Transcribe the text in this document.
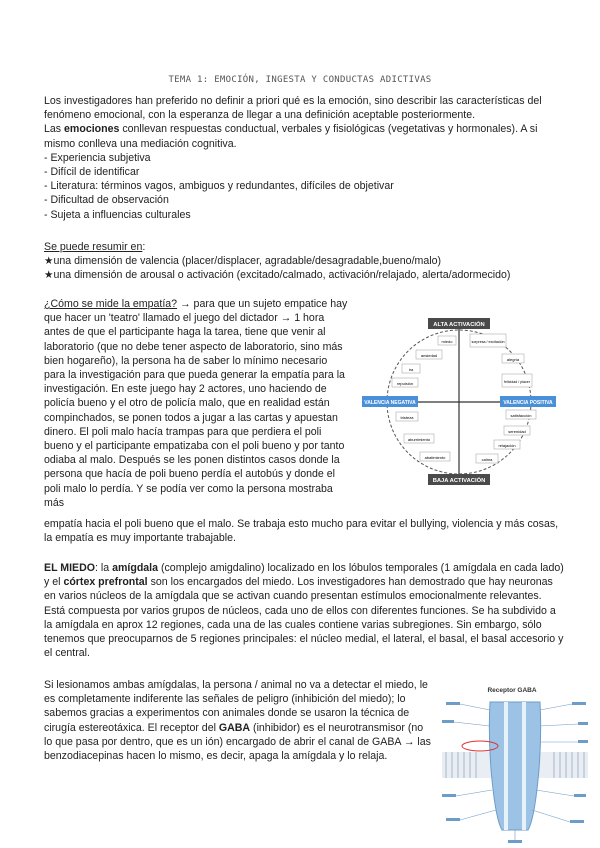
TEMA 1: EMOCIÓN, INGESTA Y CONDUCTAS ADICTIVAS
Los investigadores han preferido no definir a priori qué es la emoción, sino describir las características del fenómeno emocional, con la esperanza de llegar a una definición aceptable posteriormente.
Las emociones conllevan respuestas conductual, verbales y fisiológicas (vegetativas y hormonales). A si mismo conlleva una mediación cognitiva.
- Experiencia subjetiva
- Difícil de identificar
- Literatura: términos vagos, ambiguos y redundantes, difíciles de objetivar
- Dificultad de observación
- Sujeta a influencias culturales
Se puede resumir en:
★una dimensión de valencia (placer/displacer, agradable/desagradable,bueno/malo)
★una dimensión de arousal o activación (excitado/calmado, activación/relajado, alerta/adormecido)
¿Cómo se mide la empatía? → para que un sujeto empatice hay que hacer un 'teatro' llamado el juego del dictador → 1 hora antes de que el participante haga la tarea, tiene que venir al laboratorio (que no debe tener aspecto de laboratorio, sino más bien hogareño), la persona ha de saber lo mínimo necesario para la investigación para que pueda generar la empatía para la investigación. En este juego hay 2 actores, uno haciendo de policía bueno y el otro de policía malo, que en realidad están compinchados, se ponen todos a jugar a las cartas y apuestan dinero. El poli malo hacía trampas para que perdiera el poli bueno y el participante empatizaba con el poli bueno y por tanto odiaba al malo. Después se les ponen distintos casos donde la persona que hacía de poli bueno perdía el autobús y donde el poli malo lo perdía. Y se podía ver como la persona mostraba más
empatía hacia el poli bueno que el malo. Se trabaja esto mucho para evitar el bullying, violencia y más cosas, la empatía es muy importante trabajable.
ALTA ACTIVACIÓN
BAJA ACTIVACIÓN
VALENCIA NEGATIVA	VALENCIA POSITIVA
miedo
ansiedad
ira
repulsión
sorpresa / excitación
alegría
felicidad / placer
tristeza
aburrimiento
abatimiento
satisfacción
serenidad
relajación
calma
EL MIEDO: la amígdala (complejo amigdalino) localizado en los lóbulos temporales (1 amígdala en cada lado) y el córtex prefrontal son los encargados del miedo. Los investigadores han demostrado que hay neuronas en varios núcleos de la amígdala que se activan cuando presentan estímulos emocionalmente relevantes. Está compuesta por varios grupos de núcleos, cada uno de ellos con diferentes funciones. Se ha subdivido a la amígdala en aprox 12 regiones, cada una de las cuales contiene varias subregiones. Sin embargo, sólo tenemos que preocuparnos de 5 regiones principales: el núcleo medial, el lateral, el basal, el basal accesorio y el central.
Si lesionamos ambas amígdalas, la persona / animal no va a detectar el miedo, le es completamente indiferente las señales de peligro (inhibición del miedo); lo sabemos gracias a experimentos con animales donde se usaron la técnica de cirugía estereotáxica. El receptor del GABA (inhibidor) es el neurotransmisor (no lo que pasa por dentro, que es un ión) encargado de abrir el canal de GABA → las benzodiacepinas hacen lo mismo, es decir, apaga la amígdala y lo relaja.
Receptor GABA
